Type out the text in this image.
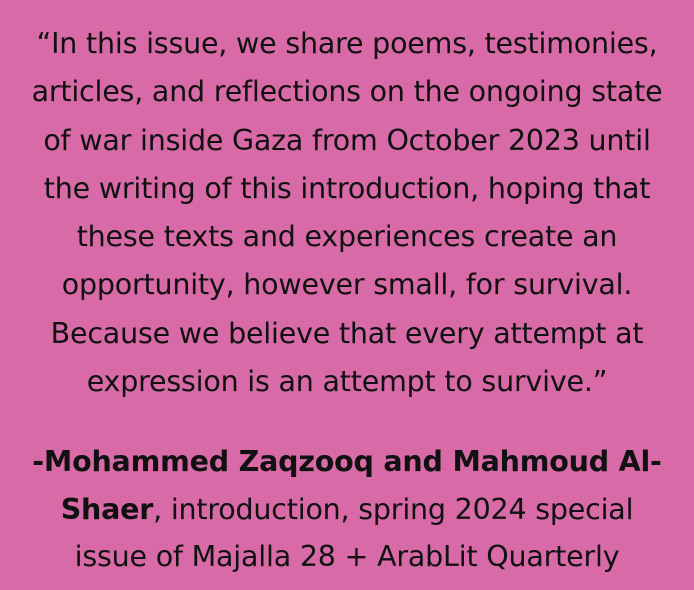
“In this issue, we share poems, testimonies,
articles, and reflections on the ongoing state
of war inside Gaza from October 2023 until
the writing of this introduction, hoping that
these texts and experiences create an
opportunity, however small, for survival.
Because we believe that every attempt at
expression is an attempt to survive.”

-Mohammed Zaqzooq and Mahmoud Al-
Shaer, introduction, spring 2024 special
issue of Majalla 28 + ArabLit Quarterly
